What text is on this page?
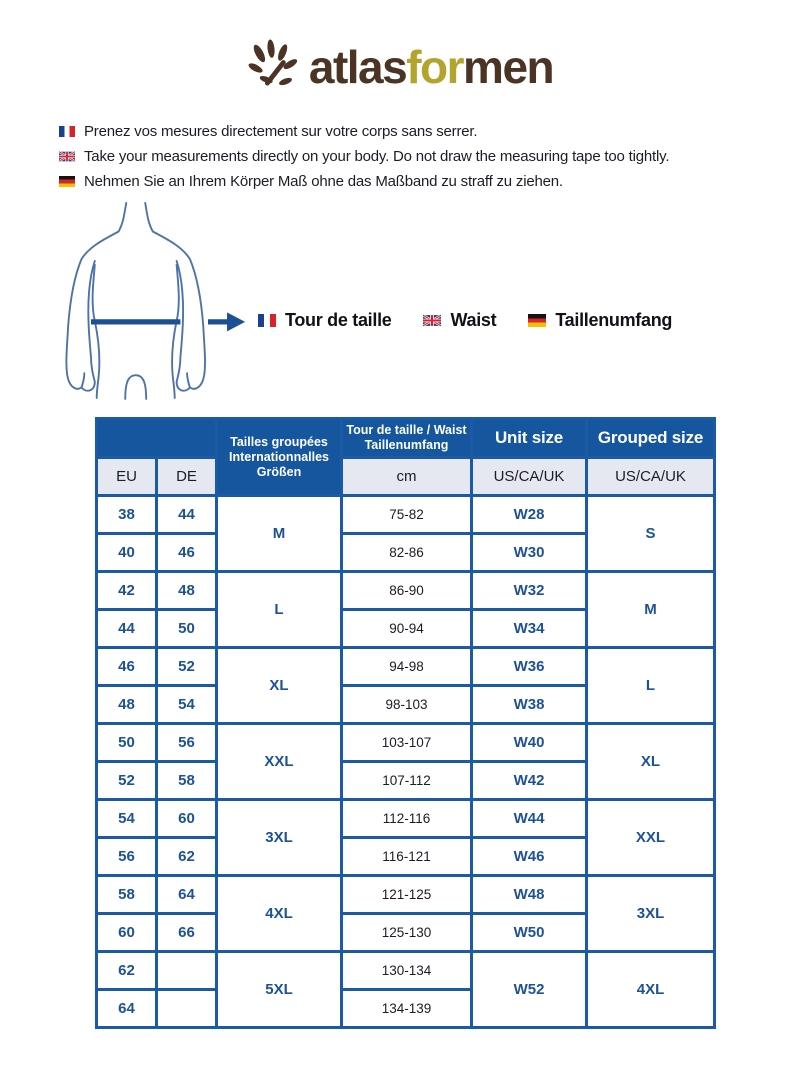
atlasformen
Prenez vos mesures directement sur votre corps sans serrer.
Take your measurements directly on your body. Do not draw the measuring tape too tightly.
Nehmen Sie an Ihrem Körper Maß ohne das Maßband zu straff zu ziehen.
Tour de taille	Waist	Taillenumfang

		Tailles groupées
Internationnalles
Größen	Tour de taille / Waist
Taillenumfang	Unit size	Grouped size
EU	DE		cm	US/CA/UK	US/CA/UK
38	44	M	75-82	W28	S
40	46		82-86	W30	
42	48	L	86-90	W32	M
44	50		90-94	W34	
46	52	XL	94-98	W36	L
48	54		98-103	W38	
50	56	XXL	103-107	W40	XL
52	58		107-112	W42	
54	60	3XL	112-116	W44	XXL
56	62		116-121	W46	
58	64	4XL	121-125	W48	3XL
60	66		125-130	W50	
62		5XL	130-134	W52	4XL
64			134-139		
